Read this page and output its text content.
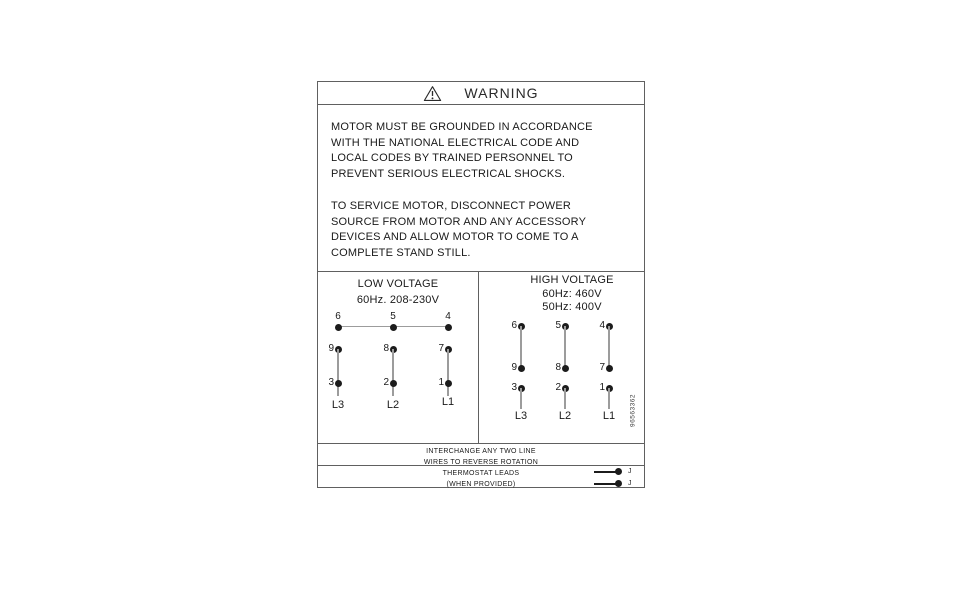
WARNING
MOTOR MUST BE GROUNDED IN ACCORDANCE
WITH THE NATIONAL ELECTRICAL CODE AND
LOCAL CODES BY TRAINED PERSONNEL TO
PREVENT SERIOUS ELECTRICAL SHOCKS.
TO SERVICE MOTOR, DISCONNECT POWER
SOURCE FROM MOTOR AND ANY ACCESSORY
DEVICES AND ALLOW MOTOR TO COME TO A
COMPLETE STAND STILL.
LOW VOLTAGE
60Hz. 208-230V
6
9
3
L3
5
8
2
L2
4
7
1
L1
HIGH VOLTAGE
60Hz: 460V
50Hz: 400V
6
9
3
L3
5
8
2
L2
4
7
1
L1	96563362
INTERCHANGE ANY TWO LINE
WIRES TO REVERSE ROTATION
THERMOSTAT LEADS
(WHEN PROVIDED)
J
J
